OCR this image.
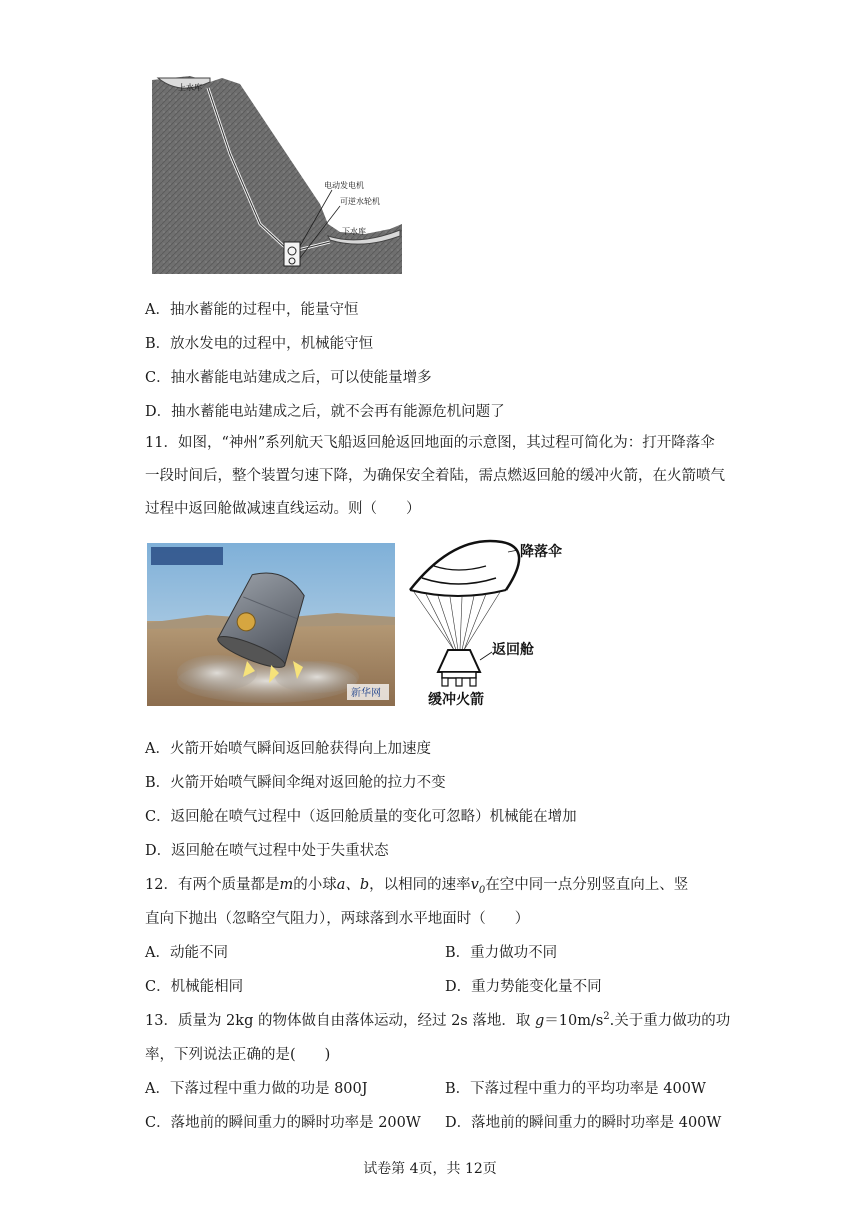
上水库
电动发电机
可逆水轮机
下水库
A．抽水蓄能的过程中，能量守恒
B．放水发电的过程中，机械能守恒
C．抽水蓄能电站建成之后，可以使能量增多
D．抽水蓄能电站建成之后，就不会再有能源危机问题了
11．如图，“神州”系列航天飞船返回舱返回地面的示意图，其过程可简化为：打开降落伞一段时间后，整个装置匀速下降，为确保安全着陆，需点燃返回舱的缓冲火箭，在火箭喷气过程中返回舱做减速直线运动。则（　　）
新华网
降落伞
返回舱
缓冲火箭
A．火箭开始喷气瞬间返回舱获得向上加速度
B．火箭开始喷气瞬间伞绳对返回舱的拉力不变
C．返回舱在喷气过程中（返回舱质量的变化可忽略）机械能在增加
D．返回舱在喷气过程中处于失重状态
12．有两个质量都是m的小球a、b，以相同的速率$v_0$在空中同一点分别竖直向上、竖
直向下抛出（忽略空气阻力），两球落到水平地面时（　　）
A．动能不同	B．重力做功不同
C．机械能相同	D．重力势能变化量不同
13．质量为 2kg 的物体做自由落体运动，经过 2s 落地．取 $g=10m/s^2$.关于重力做功的功
率，下列说法正确的是(　　)
A．下落过程中重力做的功是 800J	B．下落过程中重力的平均功率是 400W
C．落地前的瞬间重力的瞬时功率是 200W D．落地前的瞬间重力的瞬时功率是 400W
试卷第 4页，共 12页
